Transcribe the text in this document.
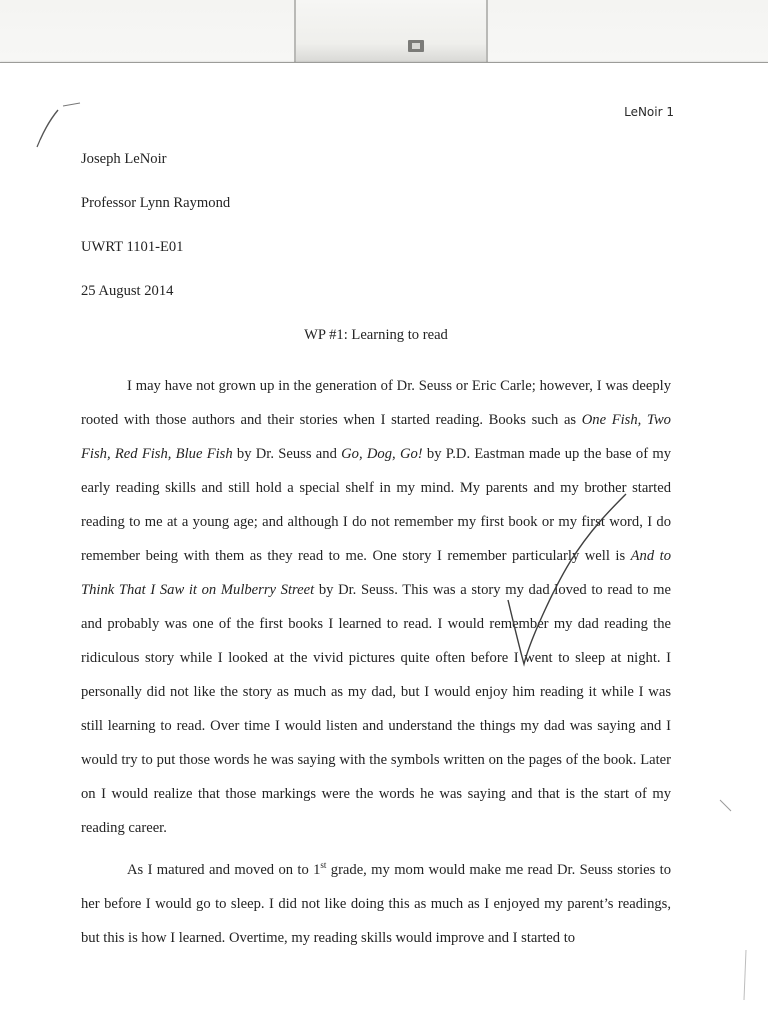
LeNoir 1

Joseph LeNoir

Professor Lynn Raymond

UWRT 1101-E01

25 August 2014

WP #1: Learning to read

I may have not grown up in the generation of Dr. Seuss or Eric Carle; however, I was deeply rooted with those authors and their stories when I started reading. Books such as One Fish, Two Fish, Red Fish, Blue Fish by Dr. Seuss and Go, Dog, Go! by P.D. Eastman made up the base of my early reading skills and still hold a special shelf in my mind. My parents and my brother started reading to me at a young age; and although I do not remember my first book or my first word, I do remember being with them as they read to me. One story I remember particularly well is And to Think That I Saw it on Mulberry Street by Dr. Seuss. This was a story my dad loved to read to me and probably was one of the first books I learned to read. I would remember my dad reading the ridiculous story while I looked at the vivid pictures quite often before I went to sleep at night. I personally did not like the story as much as my dad, but I would enjoy him reading it while I was still learning to read. Over time I would listen and understand the things my dad was saying and I would try to put those words he was saying with the symbols written on the pages of the book. Later on I would realize that those markings were the words he was saying and that is the start of my reading career.

As I matured and moved on to 1st grade, my mom would make me read Dr. Seuss stories to her before I would go to sleep. I did not like doing this as much as I enjoyed my parent’s readings, but this is how I learned. Overtime, my reading skills would improve and I started to
